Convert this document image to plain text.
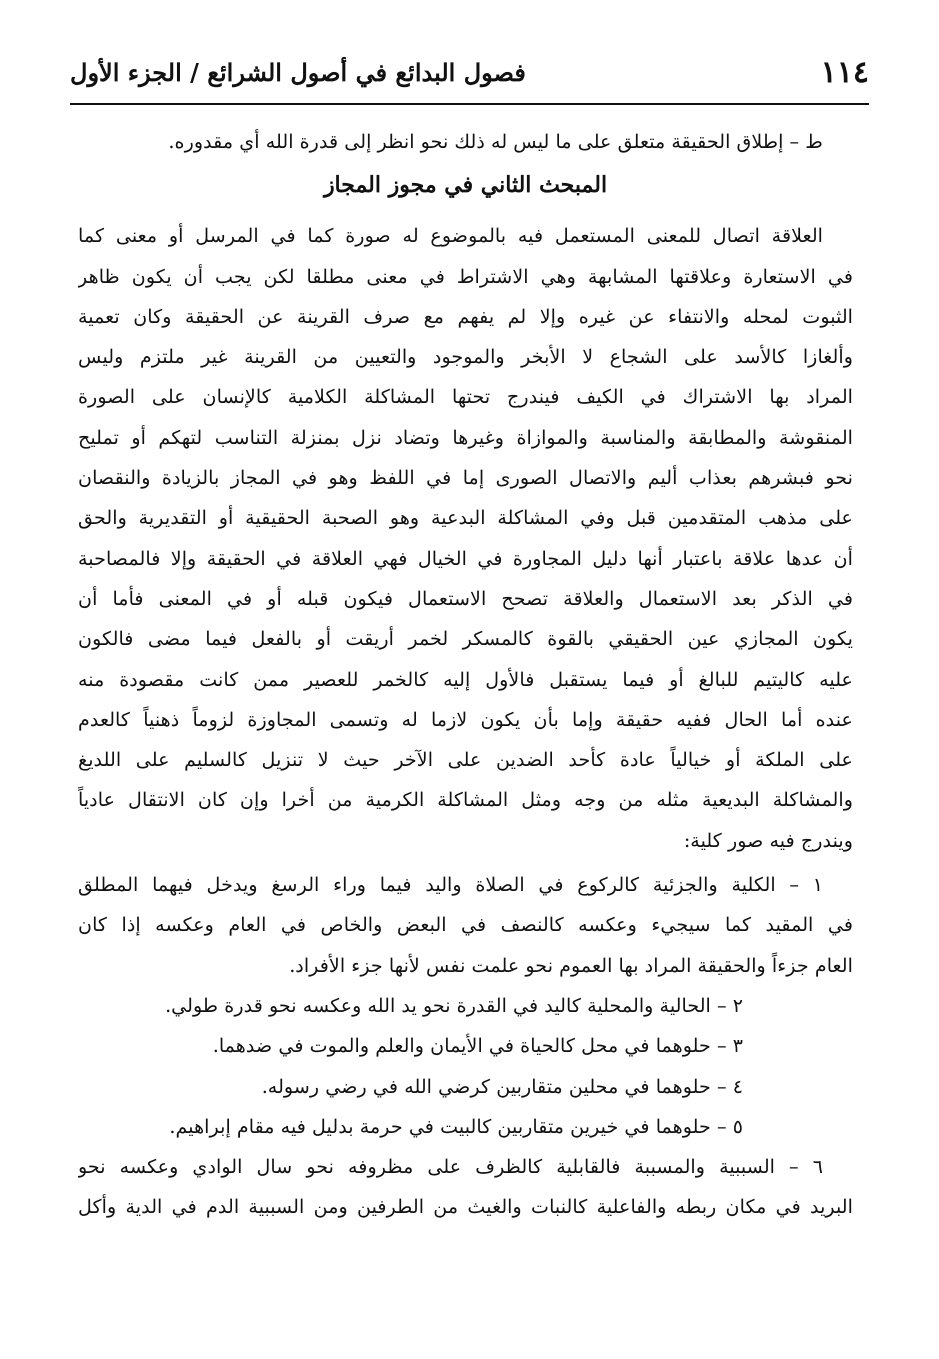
١١٤
فصول البدائع في أصول الشرائع / الجزء الأول
ط – إطلاق الحقيقة متعلق على ما ليس له ذلك نحو انظر إلى قدرة الله أي مقدوره.
المبحث الثاني في مجوز المجاز
العلاقة اتصال للمعنى المستعمل فيه بالموضوع له صورة كما في المرسل أو معنى كما
في الاستعارة وعلاقتها المشابهة وهي الاشتراط في معنى مطلقا لكن يجب أن يكون ظاهر
الثبوت لمحله والانتفاء عن غيره وإلا لم يفهم مع صرف القرينة عن الحقيقة وكان تعمية
وألغازا كالأسد على الشجاع لا الأبخر والموجود والتعيين من القرينة غير ملتزم وليس
المراد بها الاشتراك في الكيف فيندرج تحتها المشاكلة الكلامية كالإنسان على الصورة
المنقوشة والمطابقة والمناسبة والموازاة وغيرها وتضاد نزل بمنزلة التناسب لتهكم أو تمليح
نحو فبشرهم بعذاب أليم والاتصال الصورى إما في اللفظ وهو في المجاز بالزيادة والنقصان
على مذهب المتقدمين قبل وفي المشاكلة البدعية وهو الصحبة الحقيقية أو التقديرية والحق
أن عدها علاقة باعتبار أنها دليل المجاورة في الخيال فهي العلاقة في الحقيقة وإلا فالمصاحبة
في الذكر بعد الاستعمال والعلاقة تصحح الاستعمال فيكون قبله أو في المعنى فأما أن
يكون المجازي عين الحقيقي بالقوة كالمسكر لخمر أريقت أو بالفعل فيما مضى فالكون
عليه كاليتيم للبالغ أو فيما يستقبل فالأول إليه كالخمر للعصير ممن كانت مقصودة منه
عنده أما الحال ففيه حقيقة وإما بأن يكون لازما له وتسمى المجاوزة لزوماً ذهنياً كالعدم
على الملكة أو خيالياً عادة كأحد الضدين على الآخر حيث لا تنزيل كالسليم على اللديغ
والمشاكلة البديعية مثله من وجه ومثل المشاكلة الكرمية من أخرا وإن كان الانتقال عادياً
ويندرج فيه صور كلية:
١ – الكلية والجزئية كالركوع في الصلاة واليد فيما وراء الرسغ ويدخل فيهما المطلق
في المقيد كما سيجيء وعكسه كالنصف في البعض والخاص في العام وعكسه إذا كان
العام جزءاً والحقيقة المراد بها العموم نحو علمت نفس لأنها جزء الأفراد.
٢ – الحالية والمحلية كاليد في القدرة نحو يد الله وعكسه نحو قدرة طولي.
٣ – حلوهما في محل كالحياة في الأيمان والعلم والموت في ضدهما.
٤ – حلوهما في محلين متقاربين كرضي الله في رضي رسوله.
٥ – حلوهما في خيرين متقاربين كالبيت في حرمة بدليل فيه مقام إبراهيم.
٦ – السببية والمسببة فالقابلية كالظرف على مظروفه نحو سال الوادي وعكسه نحو
البريد في مكان ربطه والفاعلية كالنبات والغيث من الطرفين ومن السببية الدم في الدية وأكل
